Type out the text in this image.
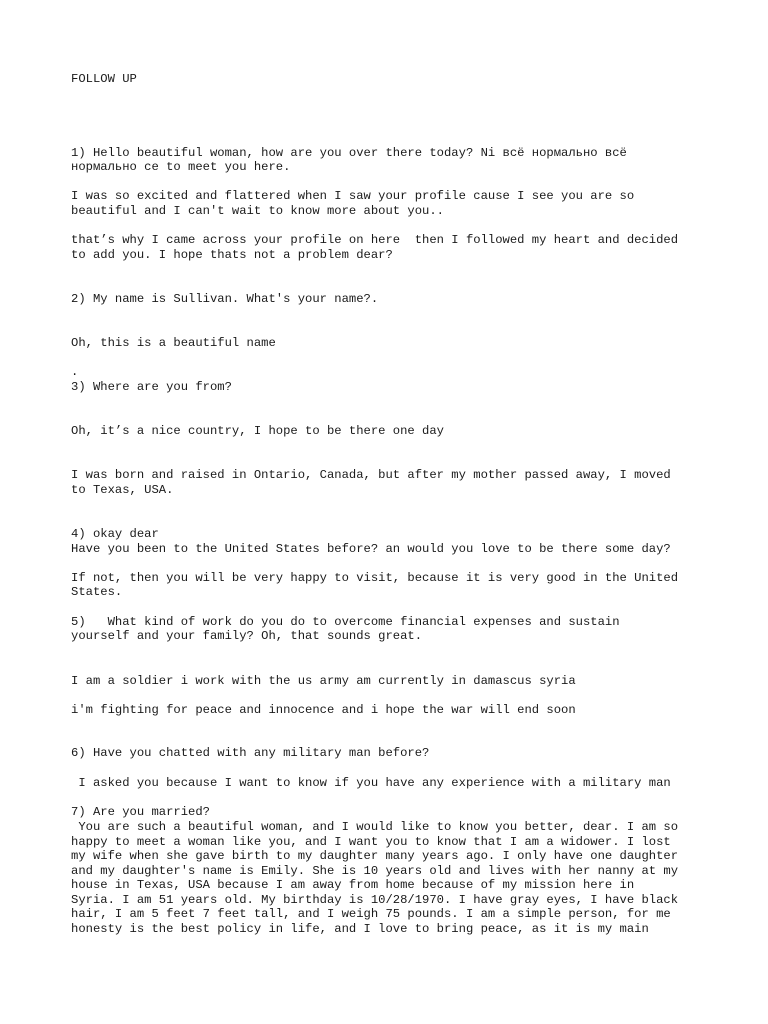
FOLLOW UP

1) Hello beautiful woman, how are you over there today? Ni всё нормально всё

нормально се to meet you here.

I was so excited and flattered when I saw your profile cause I see you are so

beautiful and I can't wait to know more about you..

that’s why I came across your profile on here  then I followed my heart and decided

to add you. I hope thats not a problem dear?

2) My name is Sullivan. What's your name?.

Oh, this is a beautiful name

.

3) Where are you from?

Oh, it’s a nice country, I hope to be there one day

I was born and raised in Ontario, Canada, but after my mother passed away, I moved

to Texas, USA.

4) okay dear

Have you been to the United States before? an would you love to be there some day?

If not, then you will be very happy to visit, because it is very good in the United

States.

5)   What kind of work do you do to overcome financial expenses and sustain

yourself and your family? Oh, that sounds great.

I am a soldier i work with the us army am currently in damascus syria

i'm fighting for peace and innocence and i hope the war will end soon

6) Have you chatted with any military man before?

I asked you because I want to know if you have any experience with a military man

7) Are you married?

You are such a beautiful woman, and I would like to know you better, dear. I am so

happy to meet a woman like you, and I want you to know that I am a widower. I lost

my wife when she gave birth to my daughter many years ago. I only have one daughter

and my daughter's name is Emily. She is 10 years old and lives with her nanny at my

house in Texas, USA because I am away from home because of my mission here in

Syria. I am 51 years old. My birthday is 10/28/1970. I have gray eyes, I have black

hair, I am 5 feet 7 feet tall, and I weigh 75 pounds. I am a simple person, for me

honesty is the best policy in life, and I love to bring peace, as it is my main
